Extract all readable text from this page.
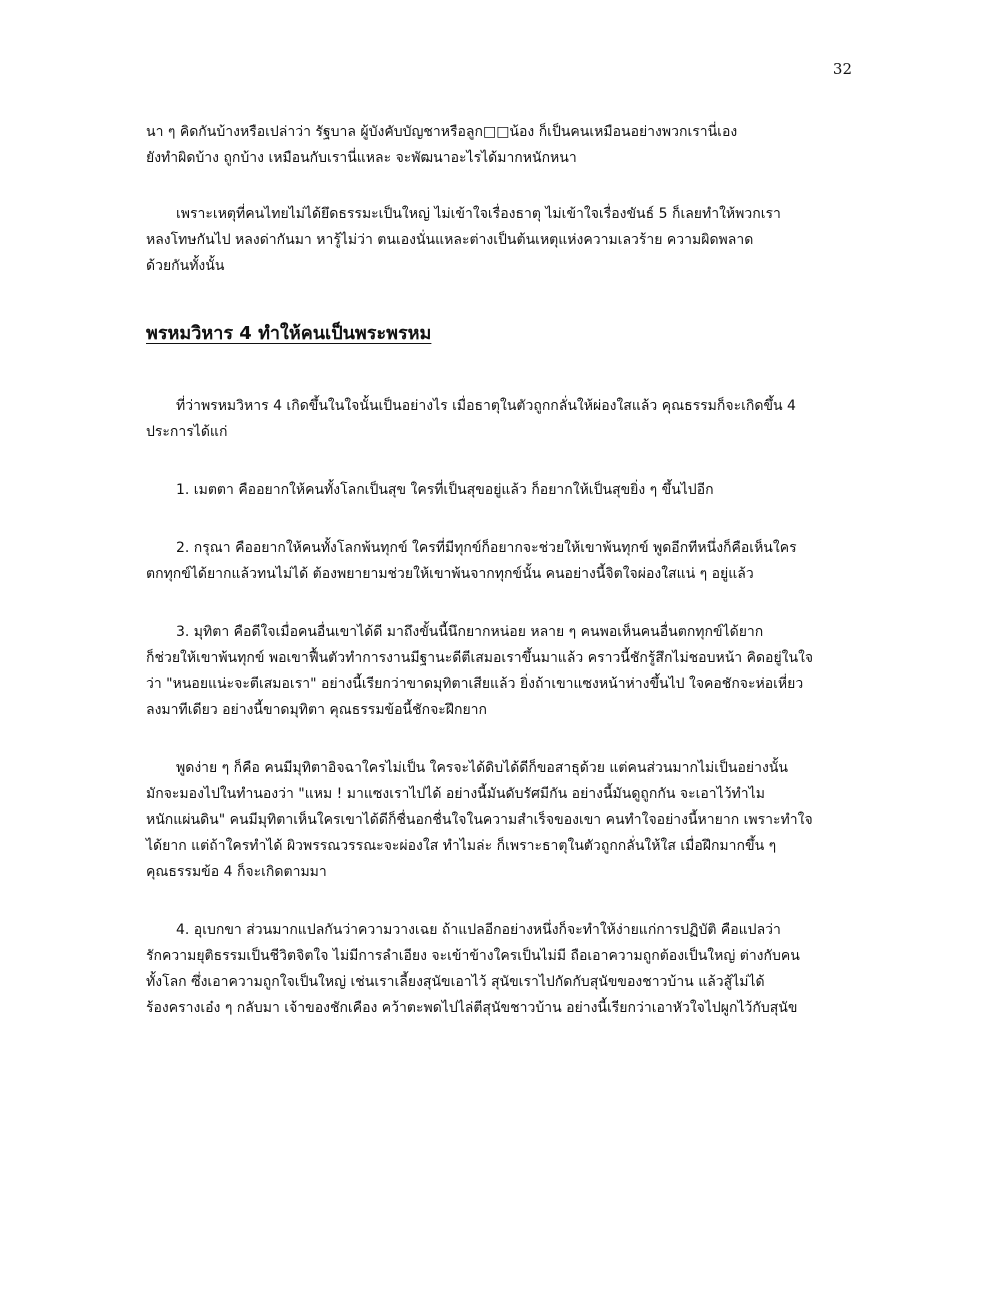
32

นา ๆ คิดกันบ้างหรือเปล่าว่า รัฐบาล ผู้บังคับบัญชาหรือลูก□□น้อง ก็เป็นคนเหมือนอย่างพวกเรานี่เอง
ยังทำผิดบ้าง ถูกบ้าง เหมือนกับเรานี่แหละ จะพัฒนาอะไรได้มากหนักหนา

เพราะเหตุที่คนไทยไม่ได้ยึดธรรมะเป็นใหญ่ ไม่เข้าใจเรื่องธาตุ ไม่เข้าใจเรื่องขันธ์ 5 ก็เลยทำให้พวกเรา
หลงโทษกันไป หลงด่ากันมา หารู้ไม่ว่า ตนเองนั่นแหละต่างเป็นต้นเหตุแห่งความเลวร้าย ความผิดพลาด
ด้วยกันทั้งนั้น

พรหมวิหาร 4 ทำให้คนเป็นพระพรหม

ที่ว่าพรหมวิหาร 4 เกิดขึ้นในใจนั้นเป็นอย่างไร เมื่อธาตุในตัวถูกกลั่นให้ผ่องใสแล้ว คุณธรรมก็จะเกิดขึ้น 4
ประการได้แก่

1. เมตตา คืออยากให้คนทั้งโลกเป็นสุข ใครที่เป็นสุขอยู่แล้ว ก็อยากให้เป็นสุขยิ่ง ๆ ขึ้นไปอีก

2. กรุณา คืออยากให้คนทั้งโลกพ้นทุกข์ ใครที่มีทุกข์ก็อยากจะช่วยให้เขาพ้นทุกข์ พูดอีกทีหนึ่งก็คือเห็นใคร
ตกทุกข์ได้ยากแล้วทนไม่ได้ ต้องพยายามช่วยให้เขาพ้นจากทุกข์นั้น คนอย่างนี้จิตใจผ่องใสแน่ ๆ อยู่แล้ว

3. มุทิตา คือดีใจเมื่อคนอื่นเขาได้ดี มาถึงขั้นนี้นึกยากหน่อย หลาย ๆ คนพอเห็นคนอื่นตกทุกข์ได้ยาก
ก็ช่วยให้เขาพ้นทุกข์ พอเขาฟื้นตัวทำการงานมีฐานะดีตีเสมอเราขึ้นมาแล้ว คราวนี้ชักรู้สึกไม่ชอบหน้า คิดอยู่ในใจ
ว่า "หนอยแน่ะจะตีเสมอเรา" อย่างนี้เรียกว่าขาดมุทิตาเสียแล้ว ยิ่งถ้าเขาแซงหน้าห่างขึ้นไป ใจคอชักจะห่อเหี่ยว
ลงมาทีเดียว อย่างนี้ขาดมุทิตา คุณธรรมข้อนี้ชักจะฝึกยาก

พูดง่าย ๆ ก็คือ คนมีมุทิตาอิจฉาใครไม่เป็น ใครจะได้ดิบได้ดีก็ขอสาธุด้วย แต่คนส่วนมากไม่เป็นอย่างนั้น
มักจะมองไปในทำนองว่า "แหม ! มาแซงเราไปได้ อย่างนี้มันดับรัศมีกัน อย่างนี้มันดูถูกกัน จะเอาไว้ทำไม
หนักแผ่นดิน" คนมีมุทิตาเห็นใครเขาได้ดีก็ชื่นอกชื่นใจในความสำเร็จของเขา คนทำใจอย่างนี้หายาก เพราะทำใจ
ได้ยาก แต่ถ้าใครทำได้ ผิวพรรณวรรณะจะผ่องใส ทำไมล่ะ ก็เพราะธาตุในตัวถูกกลั่นให้ใส เมื่อฝึกมากขึ้น ๆ
คุณธรรมข้อ 4 ก็จะเกิดตามมา

4. อุเบกขา ส่วนมากแปลกันว่าความวางเฉย ถ้าแปลอีกอย่างหนึ่งก็จะทำให้ง่ายแก่การปฏิบัติ คือแปลว่า
รักความยุติธรรมเป็นชีวิตจิตใจ ไม่มีการลำเอียง จะเข้าข้างใครเป็นไม่มี ถือเอาความถูกต้องเป็นใหญ่ ต่างกับคน
ทั้งโลก ซึ่งเอาความถูกใจเป็นใหญ่ เช่นเราเลี้ยงสุนัขเอาไว้ สุนัขเราไปกัดกับสุนัขของชาวบ้าน แล้วสู้ไม่ได้
ร้องครางเอ๋ง ๆ กลับมา เจ้าของชักเคือง คว้าตะพดไปไล่ตีสุนัขชาวบ้าน อย่างนี้เรียกว่าเอาหัวใจไปผูกไว้กับสุนัข
